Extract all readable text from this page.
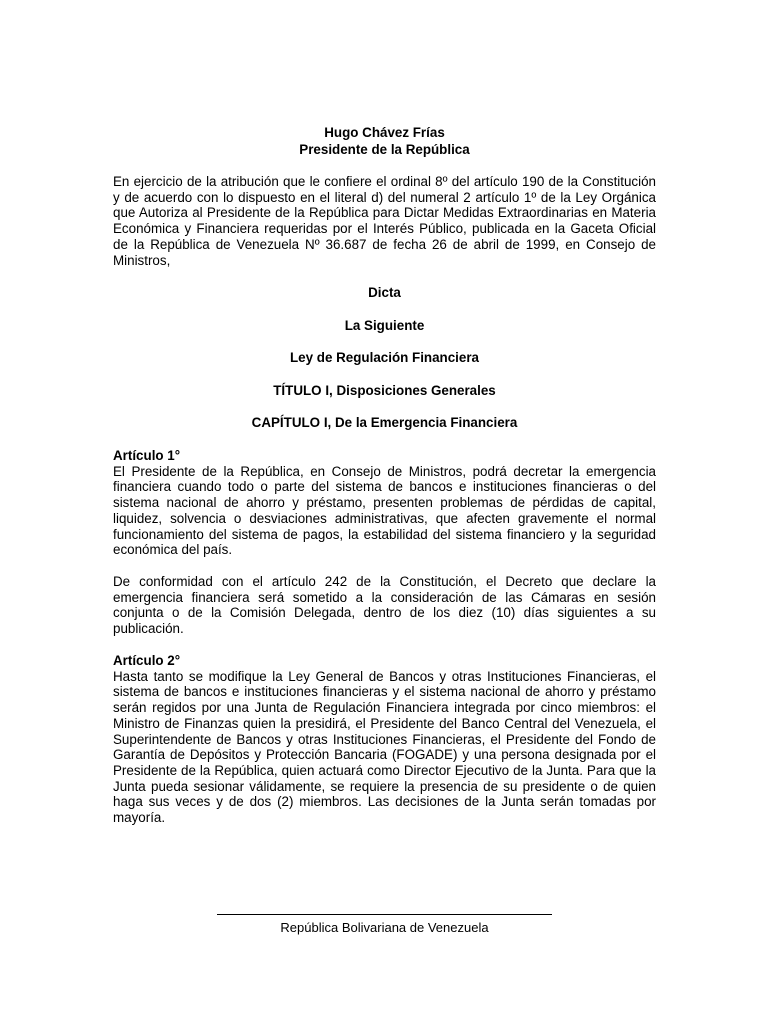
Hugo Chávez Frías

Presidente de la República

En ejercicio de la atribución que le confiere el ordinal 8º del artículo 190 de la Constitución y de acuerdo con lo dispuesto en el literal d) del numeral 2 artículo 1º de la Ley Orgánica que Autoriza al Presidente de la República para Dictar Medidas Extraordinarias en Materia Económica y Financiera requeridas por el Interés Público, publicada en la Gaceta Oficial de la República de Venezuela Nº 36.687 de fecha 26 de abril de 1999, en Consejo de Ministros,

Dicta

La Siguiente

Ley de Regulación Financiera

TÍTULO I, Disposiciones Generales

CAPÍTULO I, De la Emergencia Financiera

Artículo 1°

El Presidente de la República, en Consejo de Ministros, podrá decretar la emergencia financiera cuando todo o parte del sistema de bancos e instituciones financieras o del sistema nacional de ahorro y préstamo, presenten problemas de pérdidas de capital, liquidez, solvencia o desviaciones administrativas, que afecten gravemente el normal funcionamiento del sistema de pagos, la estabilidad del sistema financiero y la seguridad económica del país.

De conformidad con el artículo 242 de la Constitución, el Decreto que declare la emergencia financiera será sometido a la consideración de las Cámaras en sesión conjunta o de la Comisión Delegada, dentro de los diez (10) días siguientes a su publicación.

Artículo 2°

Hasta tanto se modifique la Ley General de Bancos y otras Instituciones Financieras, el sistema de bancos e instituciones financieras y el sistema nacional de ahorro y préstamo serán regidos por una Junta de Regulación Financiera integrada por cinco miembros: el Ministro de Finanzas quien la presidirá, el Presidente del Banco Central del Venezuela, el Superintendente de Bancos y otras Instituciones Financieras, el Presidente del Fondo de Garantía de Depósitos y Protección Bancaria (FOGADE) y una persona designada por el Presidente de la República, quien actuará como Director Ejecutivo de la Junta. Para que la Junta pueda sesionar válidamente, se requiere la presencia de su presidente o de quien haga sus veces y de dos (2) miembros. Las decisiones de la Junta serán tomadas por mayoría.

República Bolivariana de Venezuela
